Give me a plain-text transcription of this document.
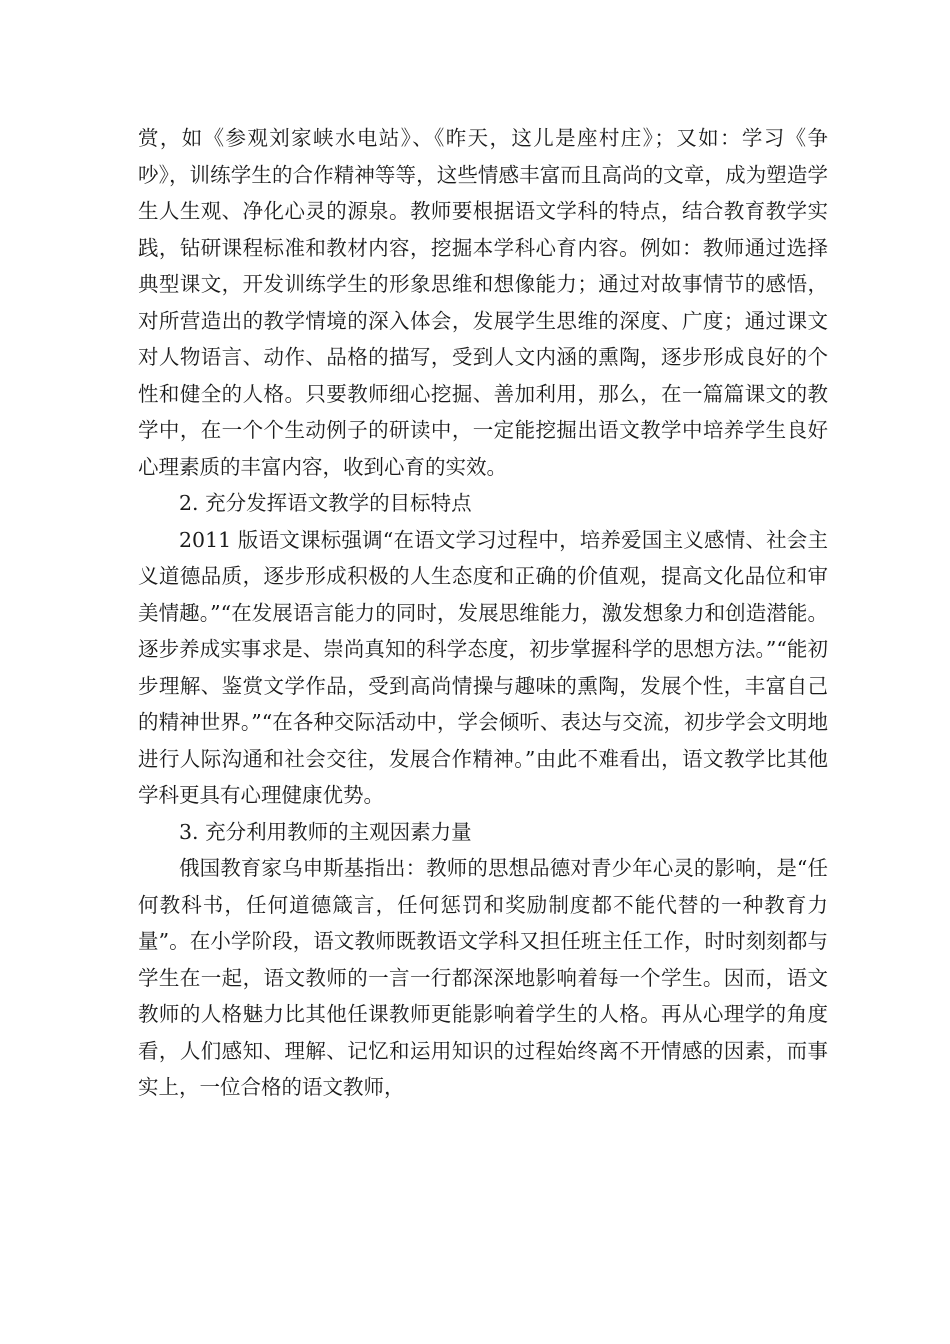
赏，如《参观刘家峡水电站》、《昨天，这儿是座村庄》；又如：学习《争吵》，训练学生的合作精神等等，这些情感丰富而且高尚的文章，成为塑造学生人生观、净化心灵的源泉。教师要根据语文学科的特点，结合教育教学实践，钻研课程标准和教材内容，挖掘本学科心育内容。例如：教师通过选择典型课文，开发训练学生的形象思维和想像能力；通过对故事情节的感悟，对所营造出的教学情境的深入体会，发展学生思维的深度、广度；通过课文对人物语言、动作、品格的描写，受到人文内涵的熏陶，逐步形成良好的个性和健全的人格。只要教师细心挖掘、善加利用，那么，在一篇篇课文的教学中，在一个个生动例子的研读中，一定能挖掘出语文教学中培养学生良好心理素质的丰富内容，收到心育的实效。

2. 充分发挥语文教学的目标特点

2011 版语文课标强调“在语文学习过程中，培养爱国主义感情、社会主义道德品质，逐步形成积极的人生态度和正确的价值观，提高文化品位和审美情趣。”“在发展语言能力的同时，发展思维能力，激发想象力和创造潜能。逐步养成实事求是、崇尚真知的科学态度，初步掌握科学的思想方法。”“能初步理解、鉴赏文学作品，受到高尚情操与趣味的熏陶，发展个性，丰富自己的精神世界。”“在各种交际活动中，学会倾听、表达与交流，初步学会文明地进行人际沟通和社会交往，发展合作精神。”由此不难看出，语文教学比其他学科更具有心理健康优势。

3. 充分利用教师的主观因素力量

俄国教育家乌申斯基指出：教师的思想品德对青少年心灵的影响，是“任何教科书，任何道德箴言，任何惩罚和奖励制度都不能代替的一种教育力量”。在小学阶段，语文教师既教语文学科又担任班主任工作，时时刻刻都与学生在一起，语文教师的一言一行都深深地影响着每一个学生。因而，语文教师的人格魅力比其他任课教师更能影响着学生的人格。再从心理学的角度看，人们感知、理解、记忆和运用知识的过程始终离不开情感的因素，而事实上，一位合格的语文教师，
